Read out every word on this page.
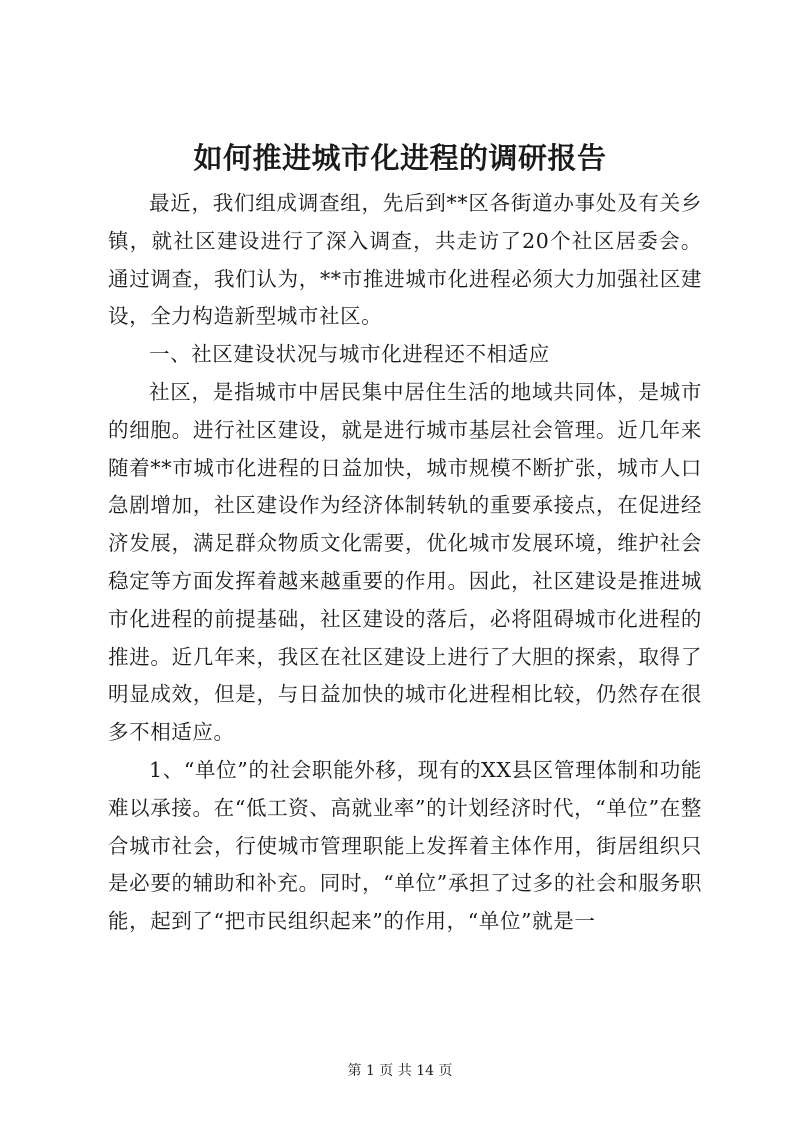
如何推进城市化进程的调研报告

最近，我们组成调查组，先后到**区各街道办事处及有关乡镇，就社区建设进行了深入调查，共走访了20个社区居委会。通过调查，我们认为，**市推进城市化进程必须大力加强社区建设，全力构造新型城市社区。

一、社区建设状况与城市化进程还不相适应

社区，是指城市中居民集中居住生活的地域共同体，是城市的细胞。进行社区建设，就是进行城市基层社会管理。近几年来随着**市城市化进程的日益加快，城市规模不断扩张，城市人口急剧增加，社区建设作为经济体制转轨的重要承接点，在促进经济发展，满足群众物质文化需要，优化城市发展环境，维护社会稳定等方面发挥着越来越重要的作用。因此，社区建设是推进城市化进程的前提基础，社区建设的落后，必将阻碍城市化进程的推进。近几年来，我区在社区建设上进行了大胆的探索，取得了明显成效，但是，与日益加快的城市化进程相比较，仍然存在很多不相适应。

1、“单位”的社会职能外移，现有的XX县区管理体制和功能难以承接。在“低工资、高就业率”的计划经济时代，“单位”在整合城市社会，行使城市管理职能上发挥着主体作用，街居组织只是必要的辅助和补充。同时，“单位”承担了过多的社会和服务职能，起到了“把市民组织起来”的作用，“单位”就是一

第 1 页 共 14 页
